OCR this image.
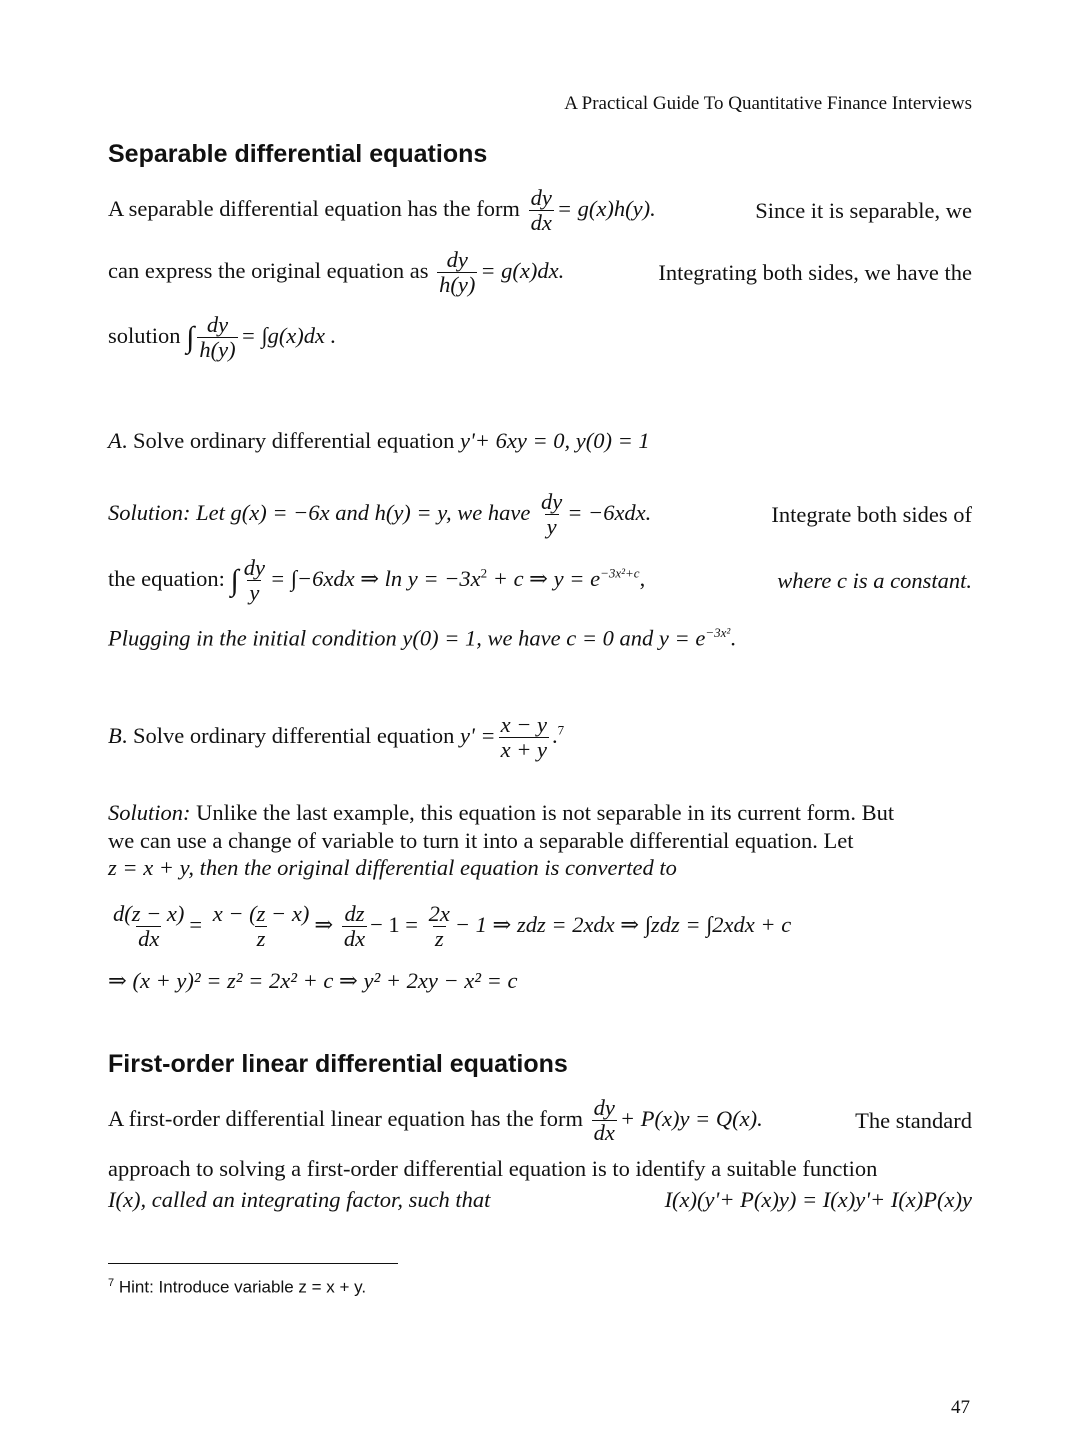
A Practical Guide To Quantitative Finance Interviews
Separable differential equations
A separable differential equation has the form $\frac{dy}{dx} = g(x)h(y)$.	Since it is separable, we
can express the original equation as $\frac{dy}{h(y)} = g(x)dx$.	Integrating both sides, we have the
solution ∫ $\frac{dy}{h(y)} = \int g(x)dx$ .
A. Solve ordinary differential equation y'+ 6xy = 0, y(0) = 1
Solution: Let g(x) = −6x and h(y) = y, we have $\frac{dy}{y} = -6xdx$.	Integrate both sides of
the equation: ∫ $\frac{dy}{y} = \int-6xdx$ ⇒ $\ln y = -3x^2 + c$ ⇒ $y = e^{-3x^2+c}$,	where c is a constant.
Plugging in the initial condition y(0) = 1, we have c = 0 and $y = e^{-3x^2}$.
B. Solve ordinary differential equation $y' = \frac{x - y}{x + y} .^7$
Solution: Unlike the last example, this equation is not separable in its current form. But
we can use a change of variable to turn it into a separable differential equation. Let
z = x + y, then the original differential equation is converted to
$\frac{d(z - x)}{dx} = \frac{x - (z - x)}{z}$ ⇒ $\frac{dz}{dx} - 1 = \frac{2x}{z} - 1$ ⇒ zdz = 2xdx ⇒ ∫zdz = ∫2xdx + c
⇒ (x + y)² = z² = 2x² + c ⇒ y² + 2xy − x² = c
First-order linear differential equations
A first-order differential linear equation has the form $\frac{dy}{dx} + P(x)y = Q(x)$.	The standard
approach to solving a first-order differential equation is to identify a suitable function
I(x), called an integrating factor, such that	I(x)(y'+ P(x)y) = I(x)y'+ I(x)P(x)y
$^7$ Hint: Introduce variable z = x + y.
47
